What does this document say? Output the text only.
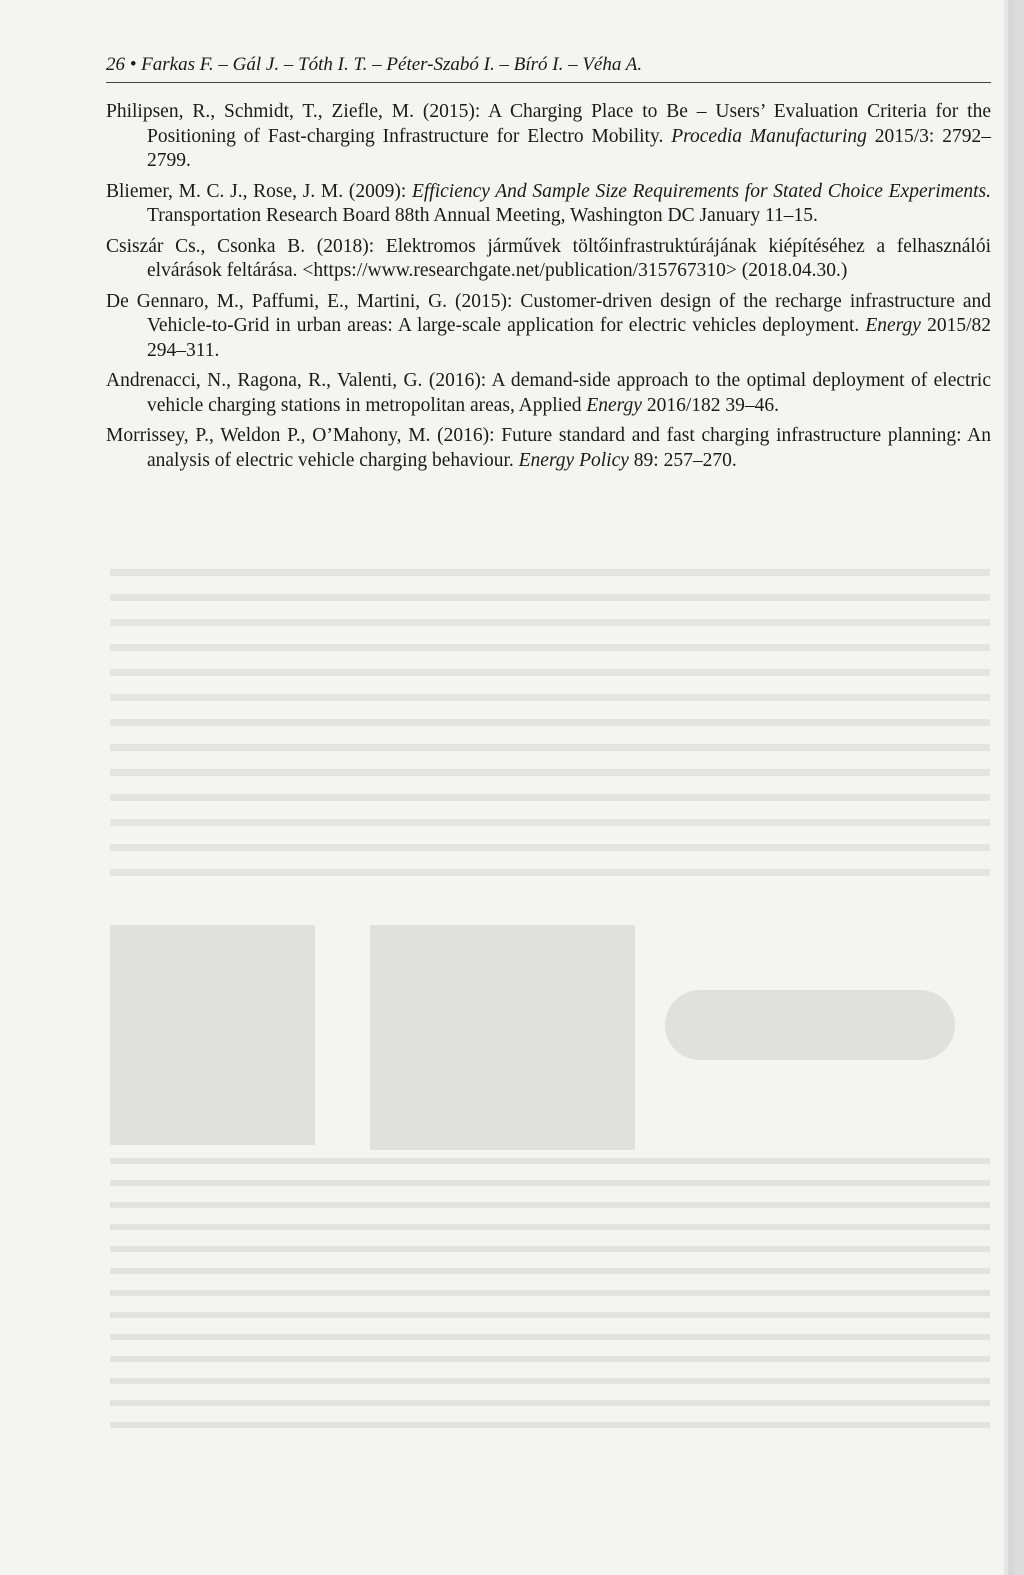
26 • Farkas F. – Gál J. – Tóth I. T. – Péter-Szabó I. – Bíró I. – Véha A.

Philipsen, R., Schmidt, T., Ziefle, M. (2015): A Charging Place to Be – Users’ Evaluation Criteria for the Positioning of Fast-charging Infrastructure for Electro Mobility. Procedia Manufacturing 2015/3: 2792–2799.

Bliemer, M. C. J., Rose, J. M. (2009): Efficiency And Sample Size Requirements for Stated Choice Experiments. Transportation Research Board 88th Annual Meeting, Washington DC January 11–15.

Csiszár Cs., Csonka B. (2018): Elektromos járművek töltőinfrastruktúrájának kiépítéséhez a felhasználói elvárások feltárása. <https://www.researchgate.net/publication/315767310> (2018.04.30.)

De Gennaro, M., Paffumi, E., Martini, G. (2015): Customer-driven design of the recharge infrastructure and Vehicle-to-Grid in urban areas: A large-scale application for electric vehicles deployment. Energy 2015/82 294–311.

Andrenacci, N., Ragona, R., Valenti, G. (2016): A demand-side approach to the optimal deployment of electric vehicle charging stations in metropolitan areas, Applied Energy 2016/182 39–46.

Morrissey, P., Weldon P., O’Mahony, M. (2016): Future standard and fast charging infrastructure planning: An analysis of electric vehicle charging behaviour. Energy Policy 89: 257–270.
